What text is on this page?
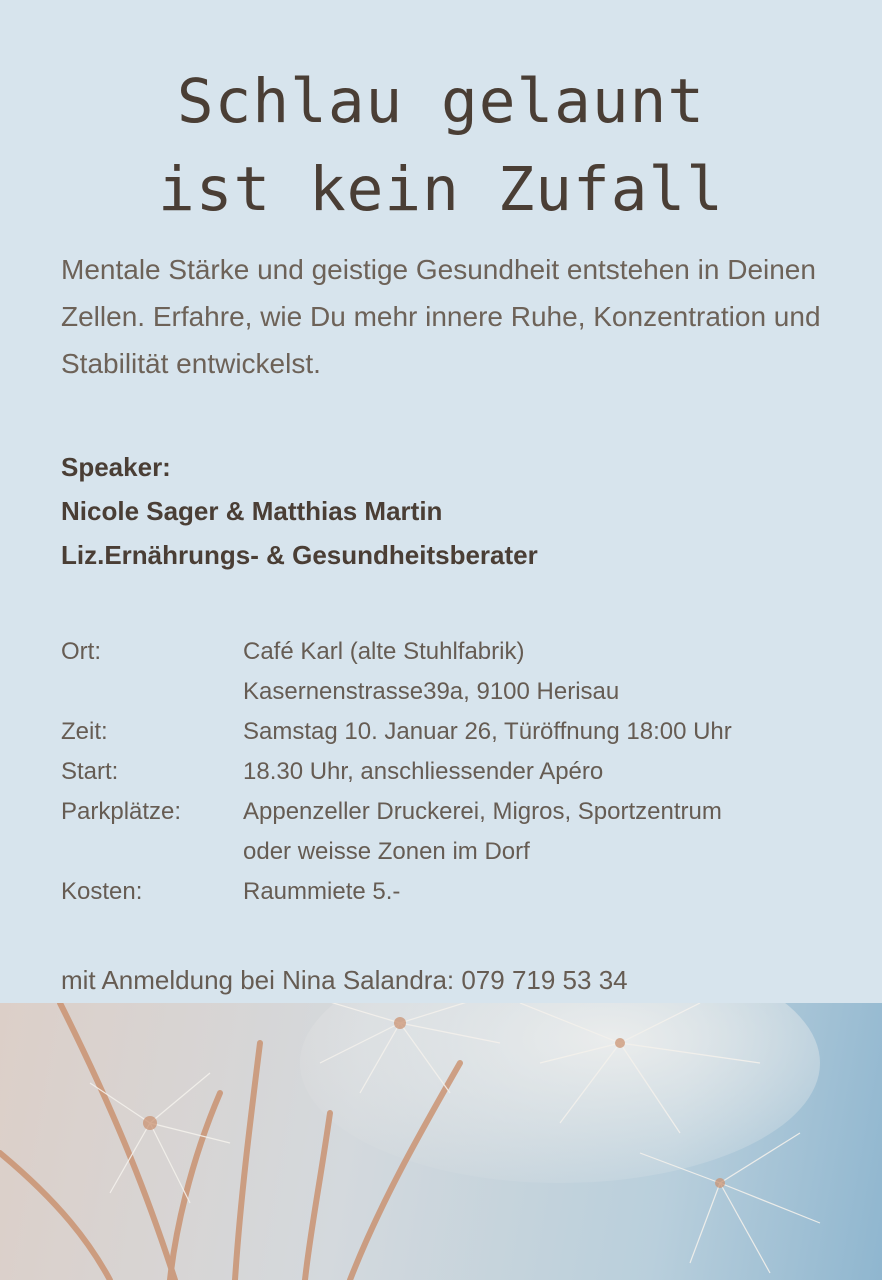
Schlau gelaunt
ist kein Zufall
Mentale Stärke und geistige Gesundheit entstehen in Deinen Zellen. Erfahre, wie Du mehr innere Ruhe, Konzentration und Stabilität entwickelst.
Speaker:
Nicole Sager & Matthias Martin
Liz.Ernährungs- & Gesundheitsberater
Ort:	Café Karl (alte Stuhlfabrik)
Kasernenstrasse39a, 9100 Herisau
Zeit:	Samstag 10. Januar 26, Türöffnung 18:00 Uhr
Start:	18.30 Uhr, anschliessender Apéro
Parkplätze:	Appenzeller Druckerei, Migros, Sportzentrum
oder weisse Zonen im Dorf
Kosten:	Raummiete 5.-
mit Anmeldung bei Nina Salandra: 079 719 53 34
